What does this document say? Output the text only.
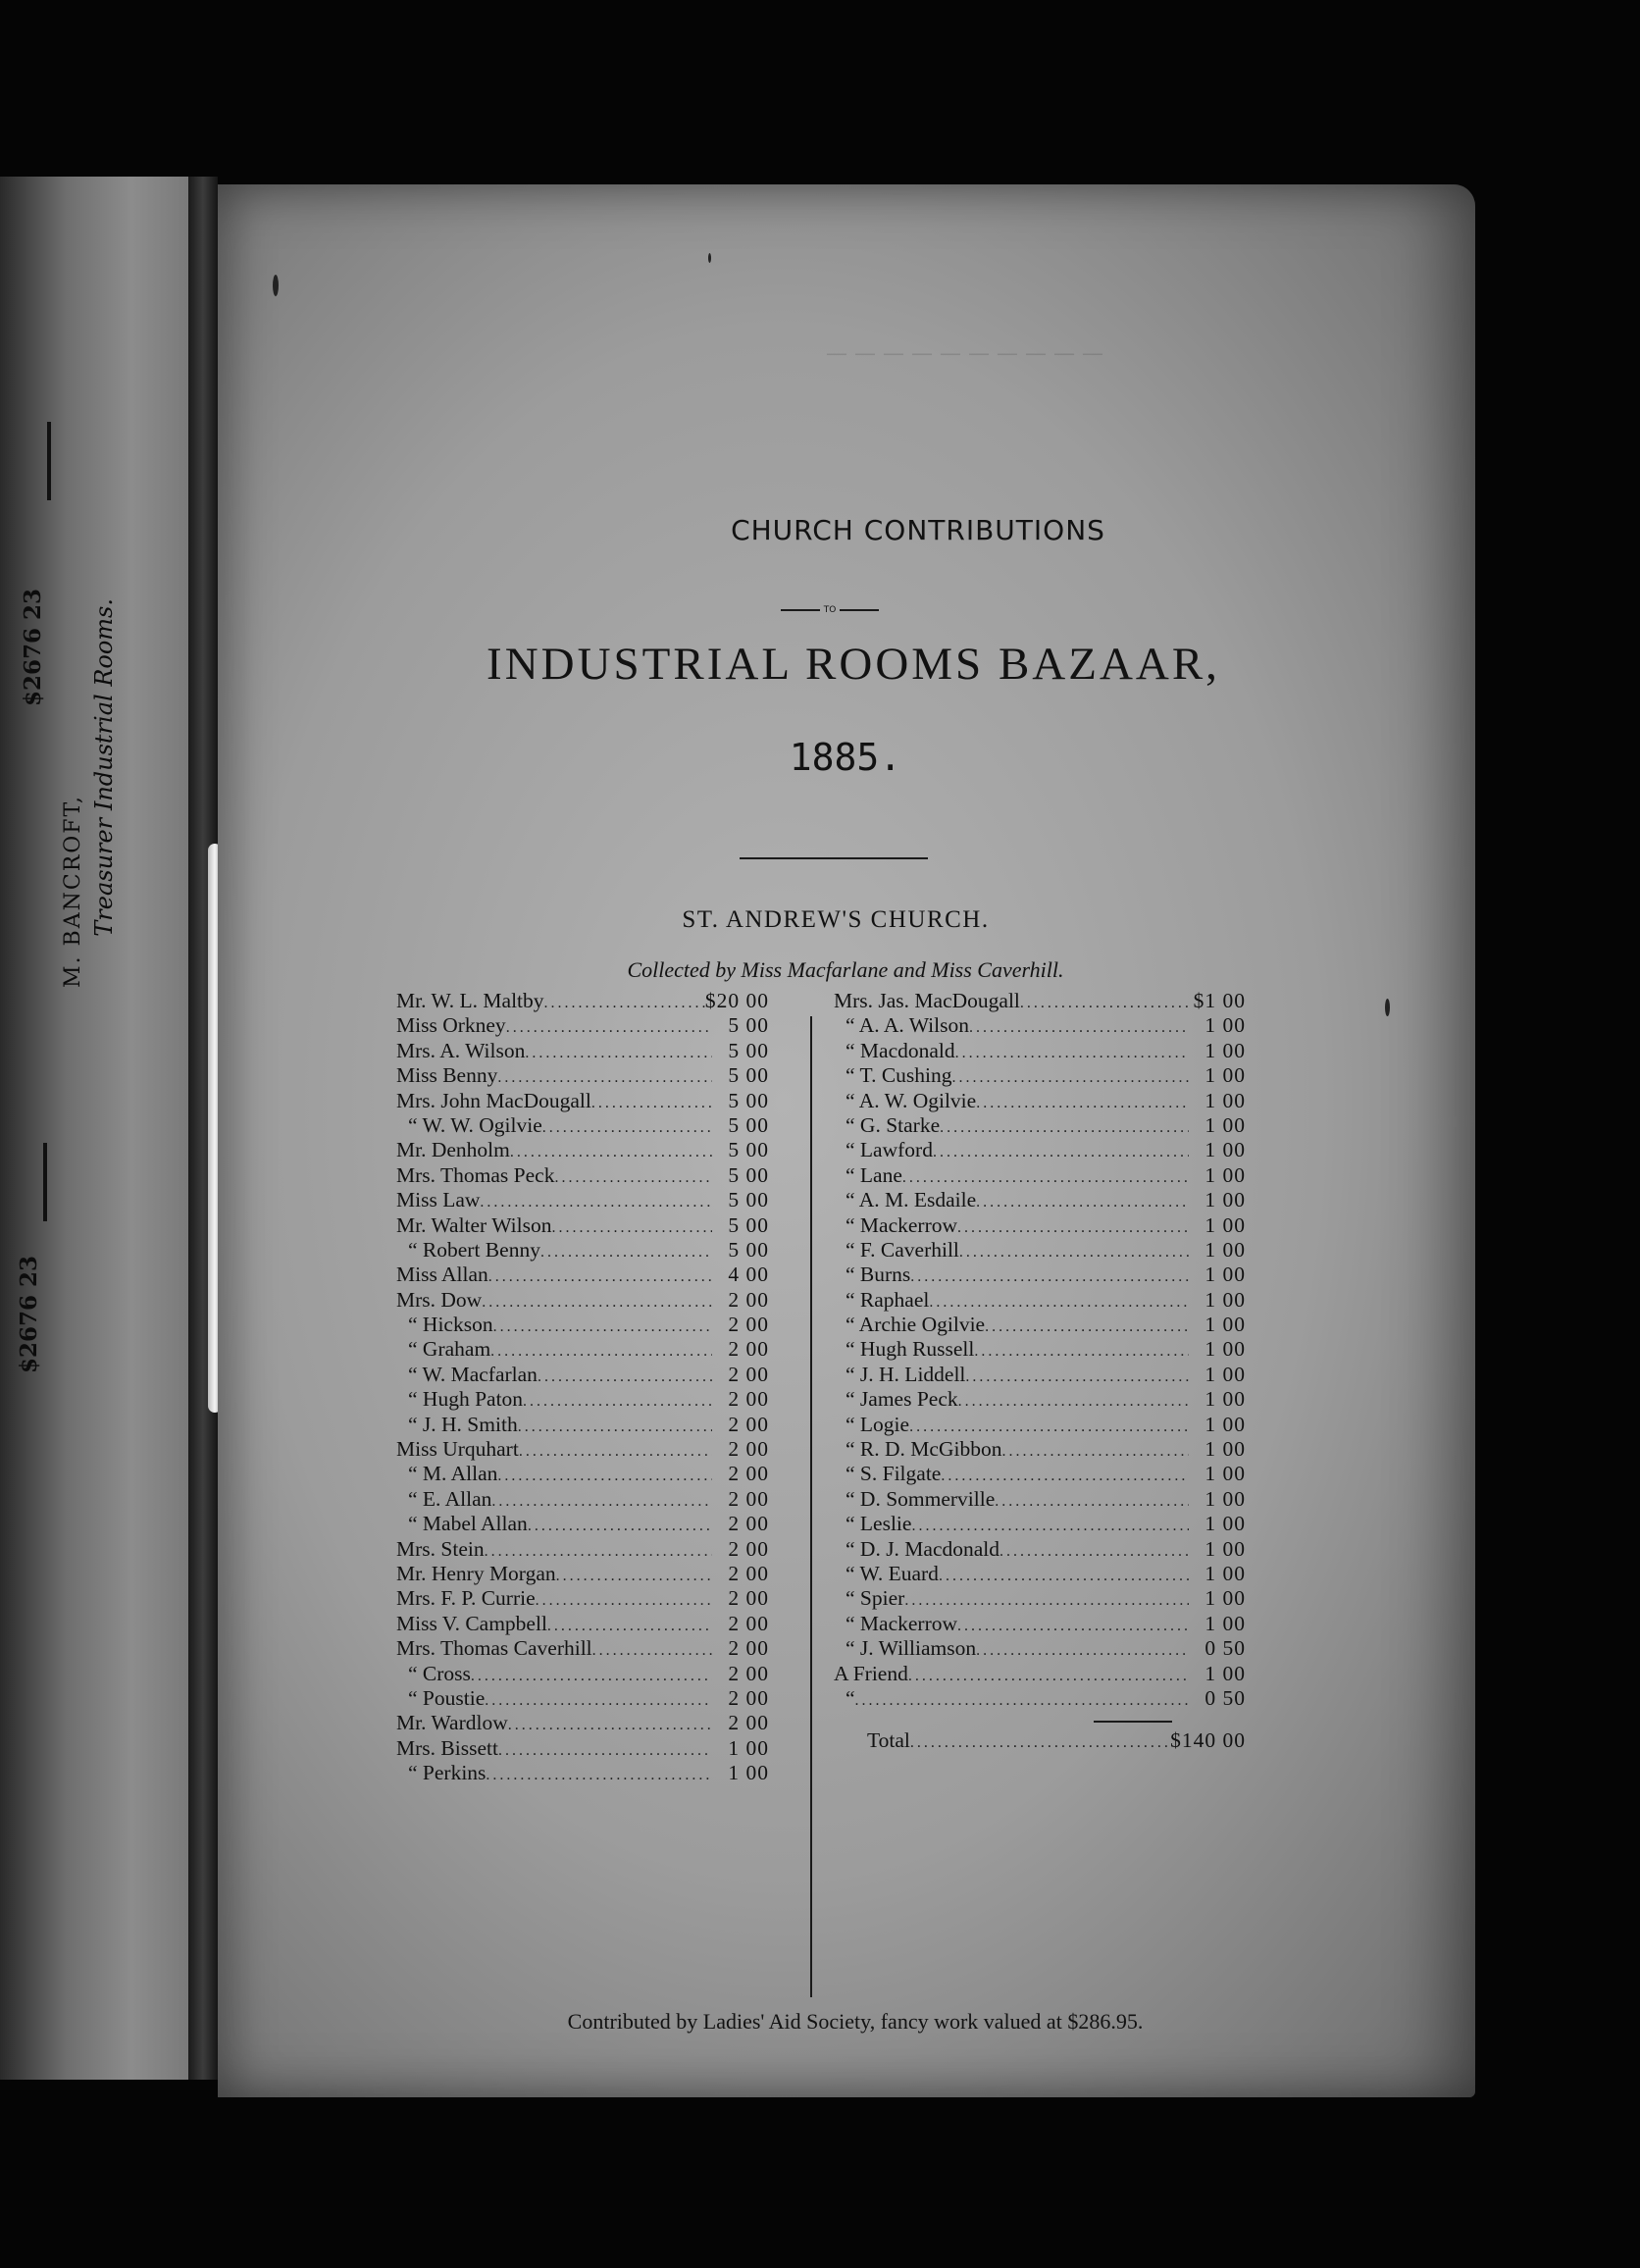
M. BANCROFT, Treasurer Industrial Rooms.
$2676 23
$2676 23
— — — — — — — — — —
CHURCH CONTRIBUTIONS
TO
INDUSTRIAL ROOMS BAZAAR,
1885.
ST. ANDREW'S CHURCH.
Collected by Miss Macfarlane and Miss Caverhill.
Mr. W. L. Maltby .....	$20 00
Miss Orkney .....	5 00
Mrs. A. Wilson .....	5 00
Miss Benny .....	5 00
Mrs. John MacDougall .....	5 00
“ W. W. Ogilvie .....	5 00
Mr. Denholm .....	5 00
Mrs. Thomas Peck .....	5 00
Miss Law .....	5 00
Mr. Walter Wilson .....	5 00
“ Robert Benny .....	5 00
Miss Allan .....	4 00
Mrs. Dow .....	2 00
“ Hickson .....	2 00
“ Graham .....	2 00
“ W. Macfarlan .....	2 00
“ Hugh Paton .....	2 00
“ J. H. Smith .....	2 00
Miss Urquhart .....	2 00
“ M. Allan .....	2 00
“ E. Allan .....	2 00
“ Mabel Allan .....	2 00
Mrs. Stein .....	2 00
Mr. Henry Morgan .....	2 00
Mrs. F. P. Currie .....	2 00
Miss V. Campbell .....	2 00
Mrs. Thomas Caverhill .....	2 00
“ Cross .....	2 00
“ Poustie .....	2 00
Mr. Wardlow .....	2 00
Mrs. Bissett .....	1 00
“ Perkins .....	1 00
Mrs. Jas. MacDougall .....	$1 00
“ A. A. Wilson .....	1 00
“ Macdonald .....	1 00
“ T. Cushing .....	1 00
“ A. W. Ogilvie .....	1 00
“ G. Starke .....	1 00
“ Lawford .....	1 00
“ Lane .....	1 00
“ A. M. Esdaile .....	1 00
“ Mackerrow .....	1 00
“ F. Caverhill .....	1 00
“ Burns .....	1 00
“ Raphael .....	1 00
“ Archie Ogilvie .....	1 00
“ Hugh Russell .....	1 00
“ J. H. Liddell .....	1 00
“ James Peck .....	1 00
“ Logie .....	1 00
“ R. D. McGibbon .....	1 00
“ S. Filgate .....	1 00
“ D. Sommerville .....	1 00
“ Leslie .....	1 00
“ D. J. Macdonald .....	1 00
“ W. Euard .....	1 00
“ Spier .....	1 00
“ Mackerrow .....	1 00
“ J. Williamson .....	0 50
A Friend .....	1 00
“ .....	0 50
Total .....	$140 00
Contributed by Ladies' Aid Society, fancy work valued at $286.95.
